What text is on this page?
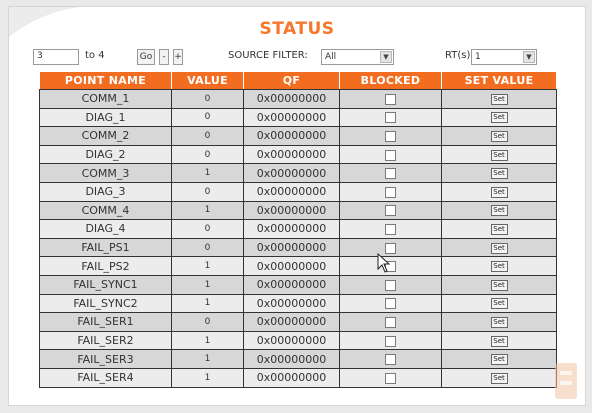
STATUS
3	to 4	Go	- +	SOURCE FILTER:	All	▼	RT(s) 1	▼
POINT NAME	VALUE	QF	BLOCKED	SET VALUE
COMM_1	0	0x00000000		Set
DIAG_1	0	0x00000000		Set
COMM_2	0	0x00000000		Set
DIAG_2	0	0x00000000		Set
COMM_3	1	0x00000000		Set
DIAG_3	0	0x00000000		Set
COMM_4	1	0x00000000		Set
DIAG_4	0	0x00000000		Set
FAIL_PS1	0	0x00000000		Set
FAIL_PS2	1	0x00000000		Set
FAIL_SYNC1	1	0x00000000		Set
FAIL_SYNC2	1	0x00000000		Set
FAIL_SER1	0	0x00000000		Set
FAIL_SER2	1	0x00000000		Set
FAIL_SER3	1	0x00000000		Set
FAIL_SER4	1	0x00000000		Set
